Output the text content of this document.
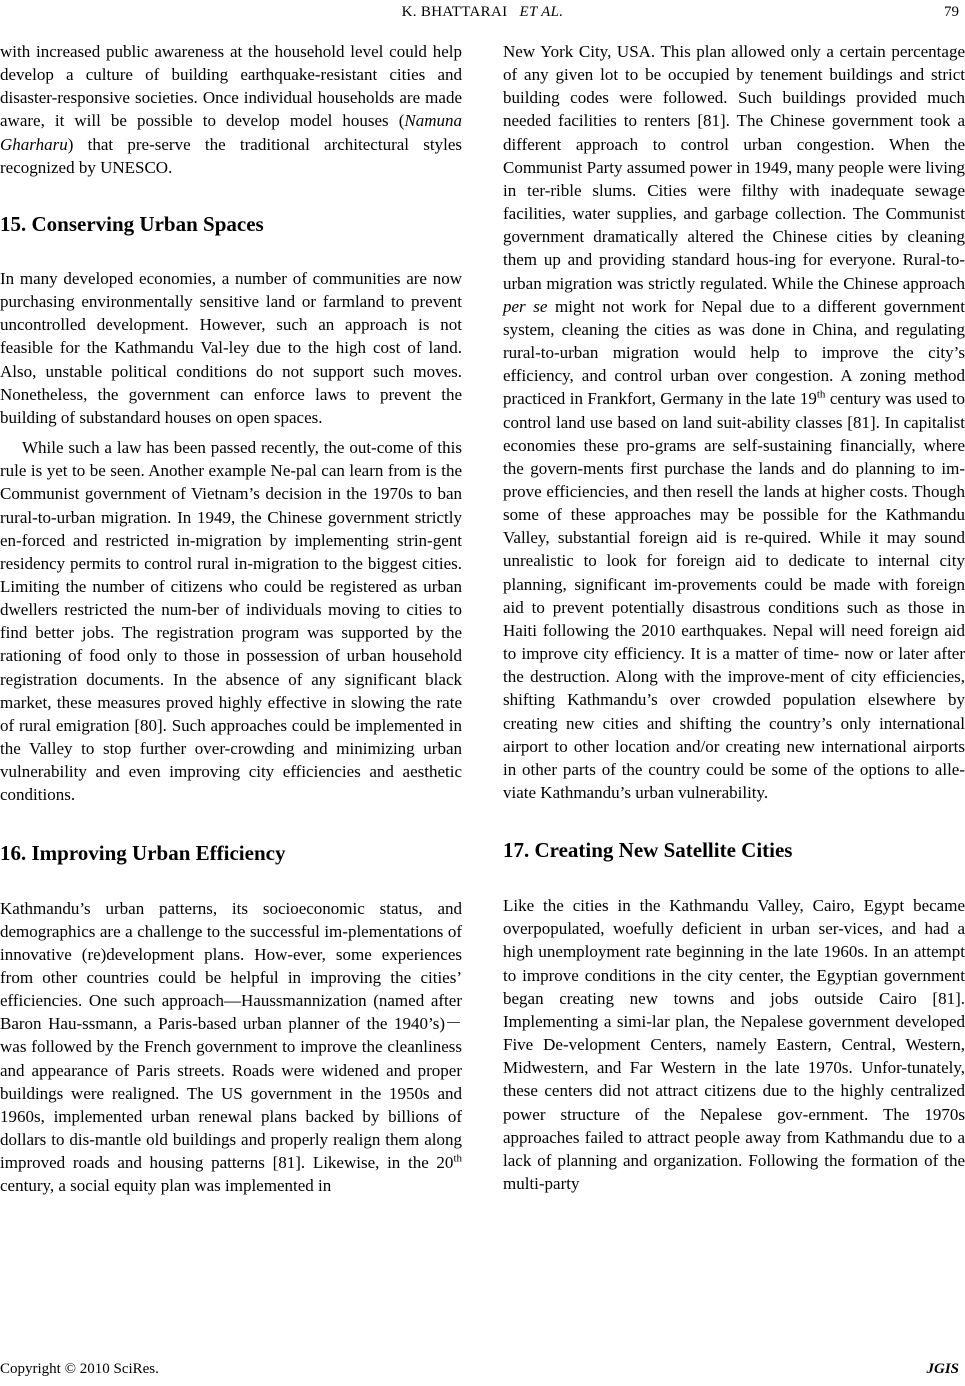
K. BHATTARAI ET AL.	79

with increased public awareness at the household level could help develop a culture of building earthquake-resistant cities and disaster-responsive societies. Once individual households are made aware, it will be possible to develop model houses (Namuna Gharharu) that pre-serve the traditional architectural styles recognized by UNESCO.

15. Conserving Urban Spaces

In many developed economies, a number of communities are now purchasing environmentally sensitive land or farmland to prevent uncontrolled development. However, such an approach is not feasible for the Kathmandu Val-ley due to the high cost of land. Also, unstable political conditions do not support such moves. Nonetheless, the government can enforce laws to prevent the building of substandard houses on open spaces.

While such a law has been passed recently, the out-come of this rule is yet to be seen. Another example Ne-pal can learn from is the Communist government of Vietnam’s decision in the 1970s to ban rural-to-urban migration. In 1949, the Chinese government strictly en-forced and restricted in-migration by implementing strin-gent residency permits to control rural in-migration to the biggest cities. Limiting the number of citizens who could be registered as urban dwellers restricted the num-ber of individuals moving to cities to find better jobs. The registration program was supported by the rationing of food only to those in possession of urban household registration documents. In the absence of any significant black market, these measures proved highly effective in slowing the rate of rural emigration [80]. Such approaches could be implemented in the Valley to stop further over-crowding and minimizing urban vulnerability and even improving city efficiencies and aesthetic conditions.

16. Improving Urban Efficiency

Kathmandu’s urban patterns, its socioeconomic status, and demographics are a challenge to the successful im-plementations of innovative (re)development plans. How-ever, some experiences from other countries could be helpful in improving the cities’ efficiencies. One such approach—Haussmannization (named after Baron Hau-ssmann, a Paris-based urban planner of the 1940’s)－was followed by the French government to improve the cleanliness and appearance of Paris streets. Roads were widened and proper buildings were realigned. The US government in the 1950s and 1960s, implemented urban renewal plans backed by billions of dollars to dis-mantle old buildings and properly realign them along improved roads and housing patterns [81]. Likewise, in the 20th century, a social equity plan was implemented in

New York City, USA. This plan allowed only a certain percentage of any given lot to be occupied by tenement buildings and strict building codes were followed. Such buildings provided much needed facilities to renters [81]. The Chinese government took a different approach to control urban congestion. When the Communist Party assumed power in 1949, many people were living in ter-rible slums. Cities were filthy with inadequate sewage facilities, water supplies, and garbage collection. The Communist government dramatically altered the Chinese cities by cleaning them up and providing standard hous-ing for everyone. Rural-to-urban migration was strictly regulated. While the Chinese approach per se might not work for Nepal due to a different government system, cleaning the cities as was done in China, and regulating rural-to-urban migration would help to improve the city’s efficiency, and control urban over congestion. A zoning method practiced in Frankfort, Germany in the late 19th century was used to control land use based on land suit-ability classes [81]. In capitalist economies these pro-grams are self-sustaining financially, where the govern-ments first purchase the lands and do planning to im-prove efficiencies, and then resell the lands at higher costs. Though some of these approaches may be possible for the Kathmandu Valley, substantial foreign aid is re-quired. While it may sound unrealistic to look for foreign aid to dedicate to internal city planning, significant im-provements could be made with foreign aid to prevent potentially disastrous conditions such as those in Haiti following the 2010 earthquakes. Nepal will need foreign aid to improve city efficiency. It is a matter of time- now or later after the destruction. Along with the improve-ment of city efficiencies, shifting Kathmandu’s over crowded population elsewhere by creating new cities and shifting the country’s only international airport to other location and/or creating new international airports in other parts of the country could be some of the options to alle-viate Kathmandu’s urban vulnerability.

17. Creating New Satellite Cities

Like the cities in the Kathmandu Valley, Cairo, Egypt became overpopulated, woefully deficient in urban ser-vices, and had a high unemployment rate beginning in the late 1960s. In an attempt to improve conditions in the city center, the Egyptian government began creating new towns and jobs outside Cairo [81]. Implementing a simi-lar plan, the Nepalese government developed Five De-velopment Centers, namely Eastern, Central, Western, Midwestern, and Far Western in the late 1970s. Unfor-tunately, these centers did not attract citizens due to the highly centralized power structure of the Nepalese gov-ernment. The 1970s approaches failed to attract people away from Kathmandu due to a lack of planning and organization. Following the formation of the multi-party

Copyright © 2010 SciRes.	JGIS
